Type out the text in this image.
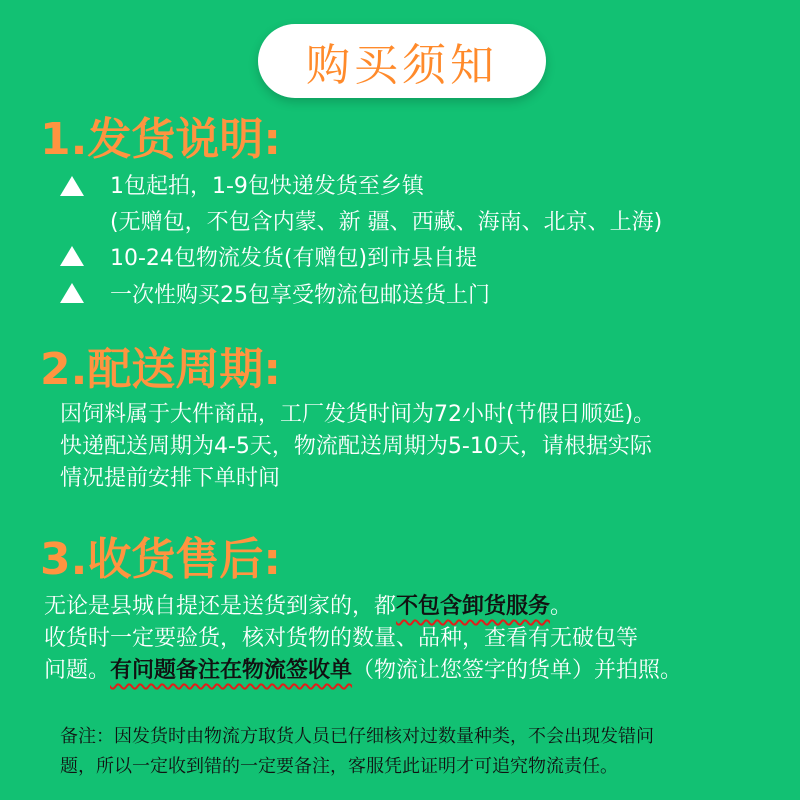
购买须知
1.发货说明:
1包起拍，1-9包快递发货至乡镇
(无赠包，不包含内蒙、新 疆、西藏、海南、北京、上海)
10-24包物流发货(有赠包)到市县自提
一次性购买25包享受物流包邮送货上门
2.配送周期:
因饲料属于大件商品，工厂发货时间为72小时(节假日顺延)。
快递配送周期为4-5天，物流配送周期为5-10天，请根据实际
情况提前安排下单时间
3.收货售后:
无论是县城自提还是送货到家的，都不包含卸货服务。
收货时一定要验货，核对货物的数量、品种，查看有无破包等
问题。有问题备注在物流签收单（物流让您签字的货单）并拍照。
备注：因发货时由物流方取货人员已仔细核对过数量种类，不会出现发错问
题，所以一定收到错的一定要备注，客服凭此证明才可追究物流责任。
